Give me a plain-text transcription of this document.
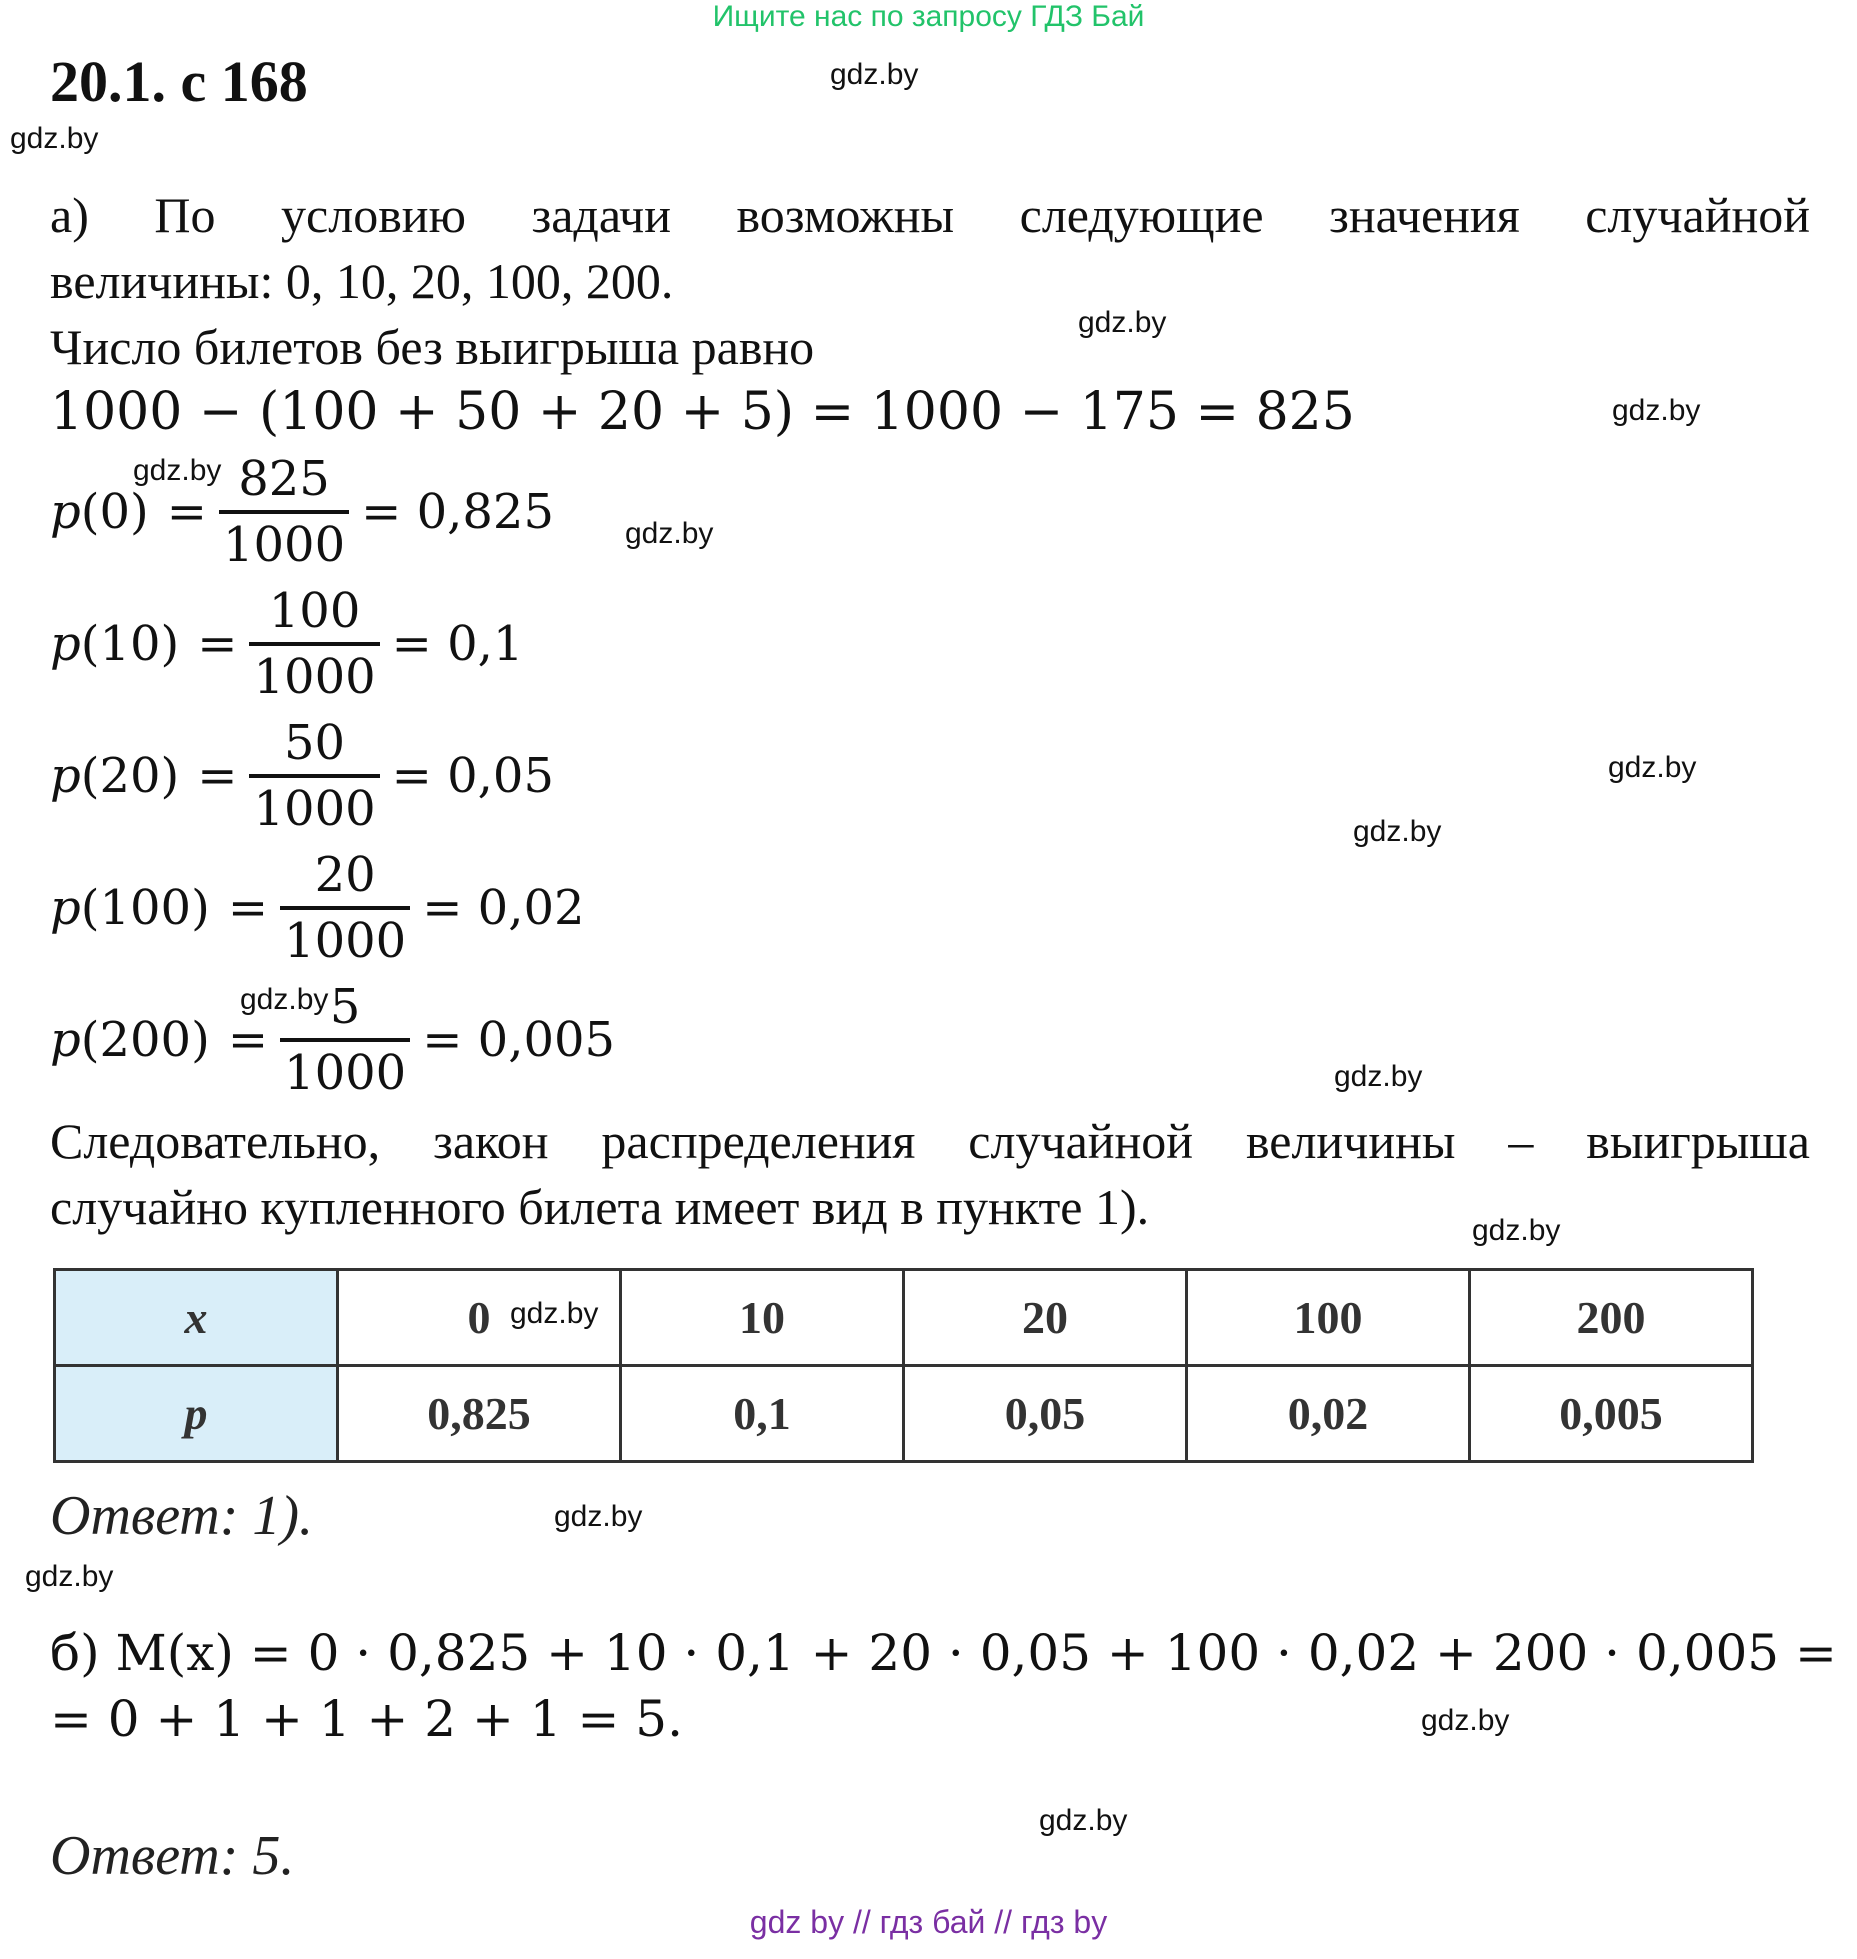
Ищите нас по запросу ГДЗ Бай
20.1. с 168	gdz.by
gdz.by
gdz.by
gdz.by
gdz.by
gdz.by
gdz.by
gdz.by
gdz.by
gdz.by
gdz.by
gdz.by
gdz.by
gdz.by
gdz.by
а) По условию задачи возможны следующие значения случайной
величины: 0, 10, 20, 100, 200.
Число билетов без выигрыша равно
1000 − (100 + 50 + 20 + 5) = 1000 − 175 = 825
$p(0) = \frac{825}{1000} = 0,825$
$p(10) = \frac{100}{1000} = 0,1$
$p(20) = \frac{50}{1000} = 0,05$
$p(100) = \frac{20}{1000} = 0,02$
$p(200) = \frac{5}{1000} = 0,005$
Следовательно, закон распределения случайной величины – выигрыша
случайно купленного билета имеет вид в пункте 1).
x	0	10	20	100	200
p	0,825	0,1	0,05	0,02	0,005
gdz.by
Ответ: 1).
б) M(x) = 0 · 0,825 + 10 · 0,1 + 20 · 0,05 + 100 · 0,02 + 200 · 0,005 =
= 0 + 1 + 1 + 2 + 1 = 5.
Ответ: 5.
gdz by // гдз бай // гдз by
